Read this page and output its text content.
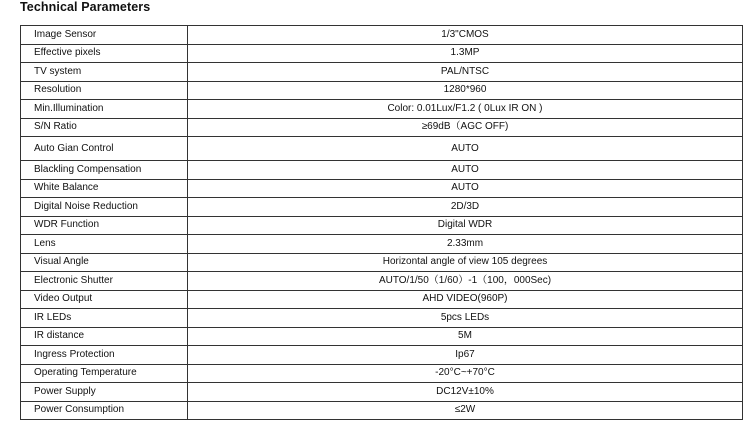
Technical Parameters
Image Sensor	1/3"CMOS
Effective pixels	1.3MP
TV system	PAL/NTSC
Resolution	1280*960
Min.Illumination	Color: 0.01Lux/F1.2 ( 0Lux IR ON )
S/N Ratio	≥69dB（AGC OFF)
Auto Gian Control	AUTO
Blackling Compensation	AUTO
White Balance	AUTO
Digital Noise Reduction	2D/3D
WDR Function	Digital WDR
Lens	2.33mm
Visual Angle	Horizontal angle of view 105 degrees
Electronic Shutter	AUTO/1/50（1/60）-1（100，000Sec)
Video Output	AHD VIDEO(960P)
IR LEDs	5pcs LEDs
IR distance	5M
Ingress Protection	Ip67
Operating Temperature	-20°C~+70°C
Power Supply	DC12V±10%
Power Consumption	≤2W
